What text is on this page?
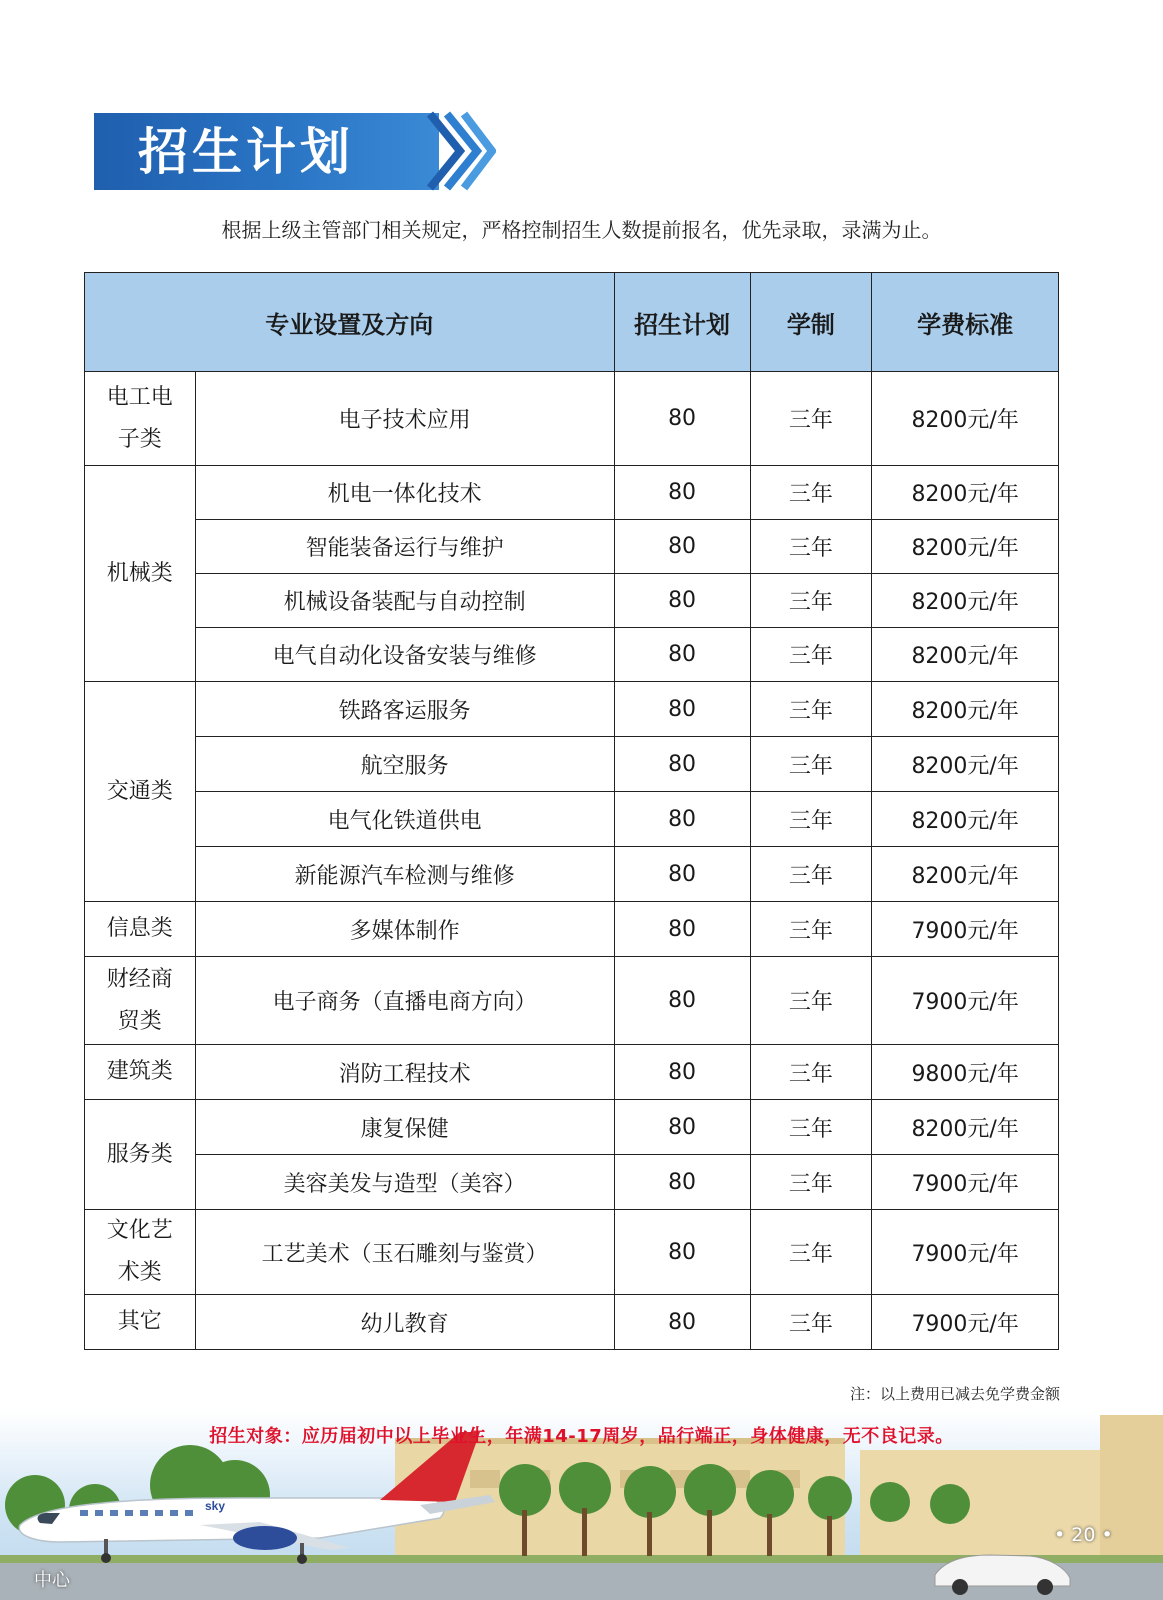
招生计划
根据上级主管部门相关规定，严格控制招生人数提前报名，优先录取，录满为止。
专业设置及方向		招生计划	学制	学费标准
电工电子类	电子技术应用	80	三年	8200元/年
机械类	机电一体化技术	80	三年	8200元/年
	智能装备运行与维护	80	三年	8200元/年
	机械设备装配与自动控制	80	三年	8200元/年
	电气自动化设备安装与维修	80	三年	8200元/年
交通类	铁路客运服务	80	三年	8200元/年
	航空服务	80	三年	8200元/年
	电气化铁道供电	80	三年	8200元/年
	新能源汽车检测与维修	80	三年	8200元/年
信息类	多媒体制作	80	三年	7900元/年
财经商贸类	电子商务（直播电商方向）	80	三年	7900元/年
建筑类	消防工程技术	80	三年	9800元/年
服务类	康复保健	80	三年	8200元/年
	美容美发与造型（美容）	80	三年	7900元/年
文化艺术类	工艺美术（玉石雕刻与鉴赏）	80	三年	7900元/年
其它	幼儿教育	80	三年	7900元/年
注：以上费用已减去免学费金额
sky
招生对象：应历届初中以上毕业生，年满14-17周岁，品行端正，身体健康，无不良记录。
• 20 •
中心
